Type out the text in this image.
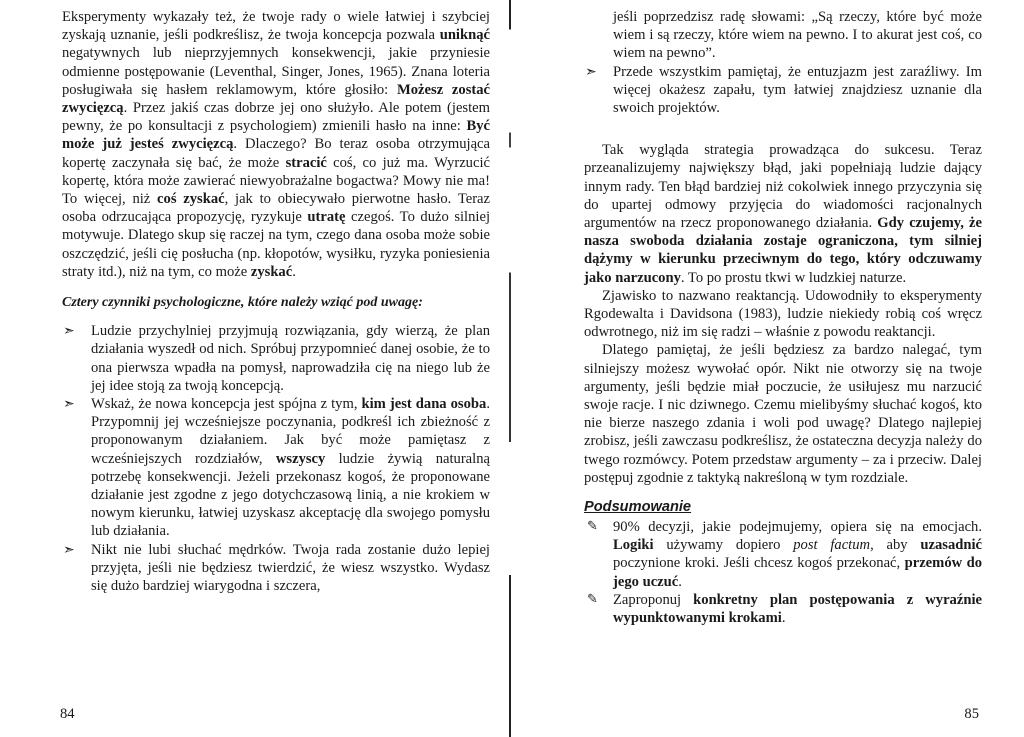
Eksperymenty wykazały też, że twoje rady o wiele łatwiej i szybciej zyskają uznanie, jeśli podkreślisz, że twoja koncepcja pozwala uniknąć negatywnych lub nieprzyjemnych konsekwencji, jakie przyniesie odmienne postępowanie (Leventhal, Singer, Jones, 1965). Znana loteria posługiwała się hasłem reklamowym, które głosiło: Możesz zostać zwycięzcą. Przez jakiś czas dobrze jej ono służyło. Ale potem (jestem pewny, że po konsultacji z psychologiem) zmienili hasło na inne: Być może już jesteś zwycięzcą. Dlaczego? Bo teraz osoba otrzymująca kopertę zaczynała się bać, że może stracić coś, co już ma. Wyrzucić kopertę, która może zawierać niewyobrażalne bogactwa? Mowy nie ma! To więcej, niż coś zyskać, jak to obiecywało pierwotne hasło. Teraz osoba odrzucająca propozycję, ryzykuje utratę czegoś. To dużo silniej motywuje. Dlatego skup się raczej na tym, czego dana osoba może sobie oszczędzić, jeśli cię posłucha (np. kłopotów, wysiłku, ryzyka poniesienia straty itd.), niż na tym, co może zyskać.

Cztery czynniki psychologiczne, które należy wziąć pod uwagę:

➣ Ludzie przychylniej przyjmują rozwiązania, gdy wierzą, że plan działania wyszedł od nich. Spróbuj przypomnieć danej osobie, że to ona pierwsza wpadła na pomysł, naprowadziła cię na niego lub że jej idee stoją za twoją koncepcją.
➣ Wskaż, że nowa koncepcja jest spójna z tym, kim jest dana osoba. Przypomnij jej wcześniejsze poczynania, podkreśl ich zbieżność z proponowanym działaniem. Jak być może pamiętasz z wcześniejszych rozdziałów, wszyscy ludzie żywią naturalną potrzebę konsekwencji. Jeżeli przekonasz kogoś, że proponowane działanie jest zgodne z jego dotychczasową linią, a nie krokiem w nowym kierunku, łatwiej uzyskasz akceptację dla swojego pomysłu lub działania.
➣ Nikt nie lubi słuchać mędrków. Twoja rada zostanie dużo lepiej przyjęta, jeśli nie będziesz twierdzić, że wiesz wszystko. Wydasz się dużo bardziej wiarygodna i szczera,
84
jeśli poprzedzisz radę słowami: „Są rzeczy, które być może wiem i są rzeczy, które wiem na pewno. I to akurat jest coś, co wiem na pewno”.
➣ Przede wszystkim pamiętaj, że entuzjazm jest zaraźliwy. Im więcej okażesz zapału, tym łatwiej znajdziesz uznanie dla swoich projektów.

Tak wygląda strategia prowadząca do sukcesu. Teraz przeanalizujemy największy błąd, jaki popełniają ludzie dający innym rady. Ten błąd bardziej niż cokolwiek innego przyczynia się do upartej odmowy przyjęcia do wiadomości racjonalnych argumentów na rzecz proponowanego działania. Gdy czujemy, że nasza swoboda działania zostaje ograniczona, tym silniej dążymy w kierunku przeciwnym do tego, który odczuwamy jako narzucony. To po prostu tkwi w ludzkiej naturze.

Zjawisko to nazwano reaktancją. Udowodniły to eksperymenty Rgodewalta i Davidsona (1983), ludzie niekiedy robią coś wręcz odwrotnego, niż im się radzi – właśnie z powodu reaktancji.

Dlatego pamiętaj, że jeśli będziesz za bardzo nalegać, tym silniejszy możesz wywołać opór. Nikt nie otworzy się na twoje argumenty, jeśli będzie miał poczucie, że usiłujesz mu narzucić swoje racje. I nic dziwnego. Czemu mielibyśmy słuchać kogoś, kto nie bierze naszego zdania i woli pod uwagę? Dlatego najlepiej zrobisz, jeśli zawczasu podkreślisz, że ostateczna decyzja należy do twego rozmówcy. Potem przedstaw argumenty – za i przeciw. Dalej postępuj zgodnie z taktyką nakreśloną w tym rozdziale.

Podsumowanie
✎ 90% decyzji, jakie podejmujemy, opiera się na emocjach. Logiki używamy dopiero post factum, aby uzasadnić poczynione kroki. Jeśli chcesz kogoś przekonać, przemów do jego uczuć.
✎ Zaproponuj konkretny plan postępowania z wyraźnie wypunktowanymi krokami.
85
